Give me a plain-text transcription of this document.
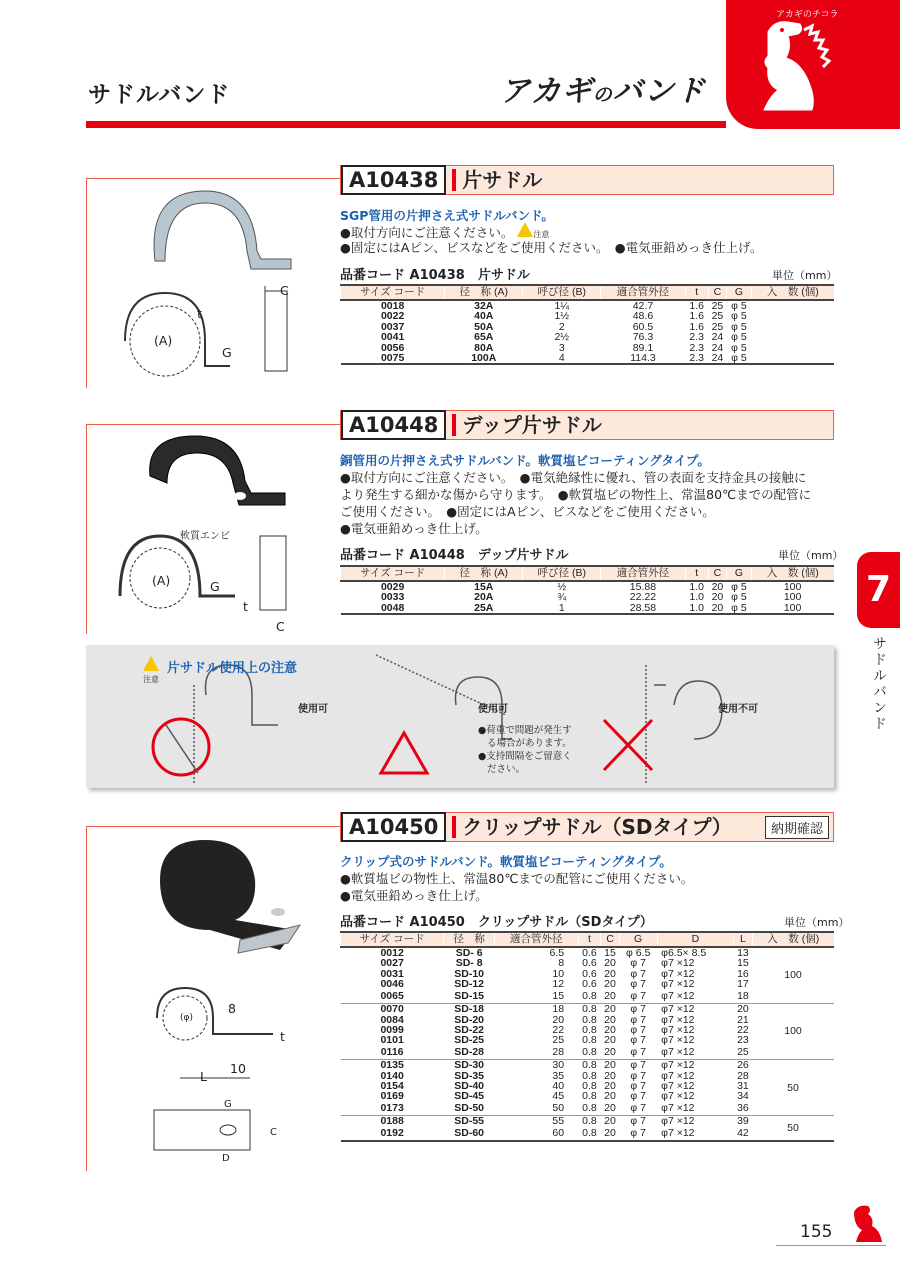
サドルバンド	アカギのバンド
アカギのチコラ
7
サドルバンド
A10438	片サドル
(A)
t
G
C
SGP管用の片押さえ式サドルバンド。
●取付方向にご注意ください。 注意
●固定にはAピン、ビスなどをご使用ください。　●電気亜鉛めっき仕上げ。
品番コード A10438　片サドル	単位（mm）
サイズ コード	径　称 (A)	呼び径 (B)	適合管外径	t	C	G	入　数 (個)
0018	32A	1¼	42.7	1.6	25	φ 5	
0022	40A	1½	48.6	1.6	25	φ 5	
0037	50A	2	60.5	1.6	25	φ 5	
0041	65A	2½	76.3	2.3	24	φ 5	
0056	80A	3	89.1	2.3	24	φ 5	
0075	100A	4	114.3	2.3	24	φ 5	
A10448	デップ片サドル
軟質エンビ
(A)	G
t
C
銅管用の片押さえ式サドルバンド。軟質塩ビコーティングタイプ。
●取付方向にご注意ください。　●電気絶縁性に優れ、管の表面を支持金具の接触に
より発生する細かな傷から守ります。　●軟質塩ビの物性上、常温80℃までの配管に
ご使用ください。　●固定にはAピン、ビスなどをご使用ください。
●電気亜鉛めっき仕上げ。
品番コード A10448　デップ片サドル	単位（mm）
サイズ コード	径　称 (A)	呼び径 (B)	適合管外径	t	C	G	入　数 (個)
0029	15A	½	15.88	1.0	20	φ 5	100
0033	20A	¾	22.22	1.0	20	φ 5	100
0048	25A	1	28.58	1.0	20	φ 5	100
片サドル使用上の注意
注意
使用可	使用可	使用不可
●荷重で問題が発生す
る場合があります。
●支持間隔をご留意く
ださい。
A10450	クリップサドル（SDタイプ）	納期確認
(φ)
8
t
10
L
G
C
D
クリップ式のサドルバンド。軟質塩ビコーティングタイプ。
●軟質塩ビの物性上、常温80℃までの配管にご使用ください。
●電気亜鉛めっき仕上げ。
品番コード A10450　クリップサドル（SDタイプ）	単位（mm）
サイズ コード	径　称	適合管外径	t	C	G	D	L	入　数 (個)
0012	SD- 6	6.5	0.6	15	φ 6.5	φ6.5× 8.5	13	100
0027	SD- 8	8	0.6	20	φ 7	φ7 ×12	15	
0031	SD-10	10	0.6	20	φ 7	φ7 ×12	16	
0046	SD-12	12	0.6	20	φ 7	φ7 ×12	17	
0065	SD-15	15	0.8	20	φ 7	φ7 ×12	18	
0070	SD-18	18	0.8	20	φ 7	φ7 ×12	20	100
0084	SD-20	20	0.8	20	φ 7	φ7 ×12	21	
0099	SD-22	22	0.8	20	φ 7	φ7 ×12	22	
0101	SD-25	25	0.8	20	φ 7	φ7 ×12	23	
0116	SD-28	28	0.8	20	φ 7	φ7 ×12	25	
0135	SD-30	30	0.8	20	φ 7	φ7 ×12	26	50
0140	SD-35	35	0.8	20	φ 7	φ7 ×12	28	
0154	SD-40	40	0.8	20	φ 7	φ7 ×12	31	
0169	SD-45	45	0.8	20	φ 7	φ7 ×12	34	
0173	SD-50	50	0.8	20	φ 7	φ7 ×12	36	
0188	SD-55	55	0.8	20	φ 7	φ7 ×12	39	50
0192	SD-60	60	0.8	20	φ 7	φ7 ×12	42	
155
